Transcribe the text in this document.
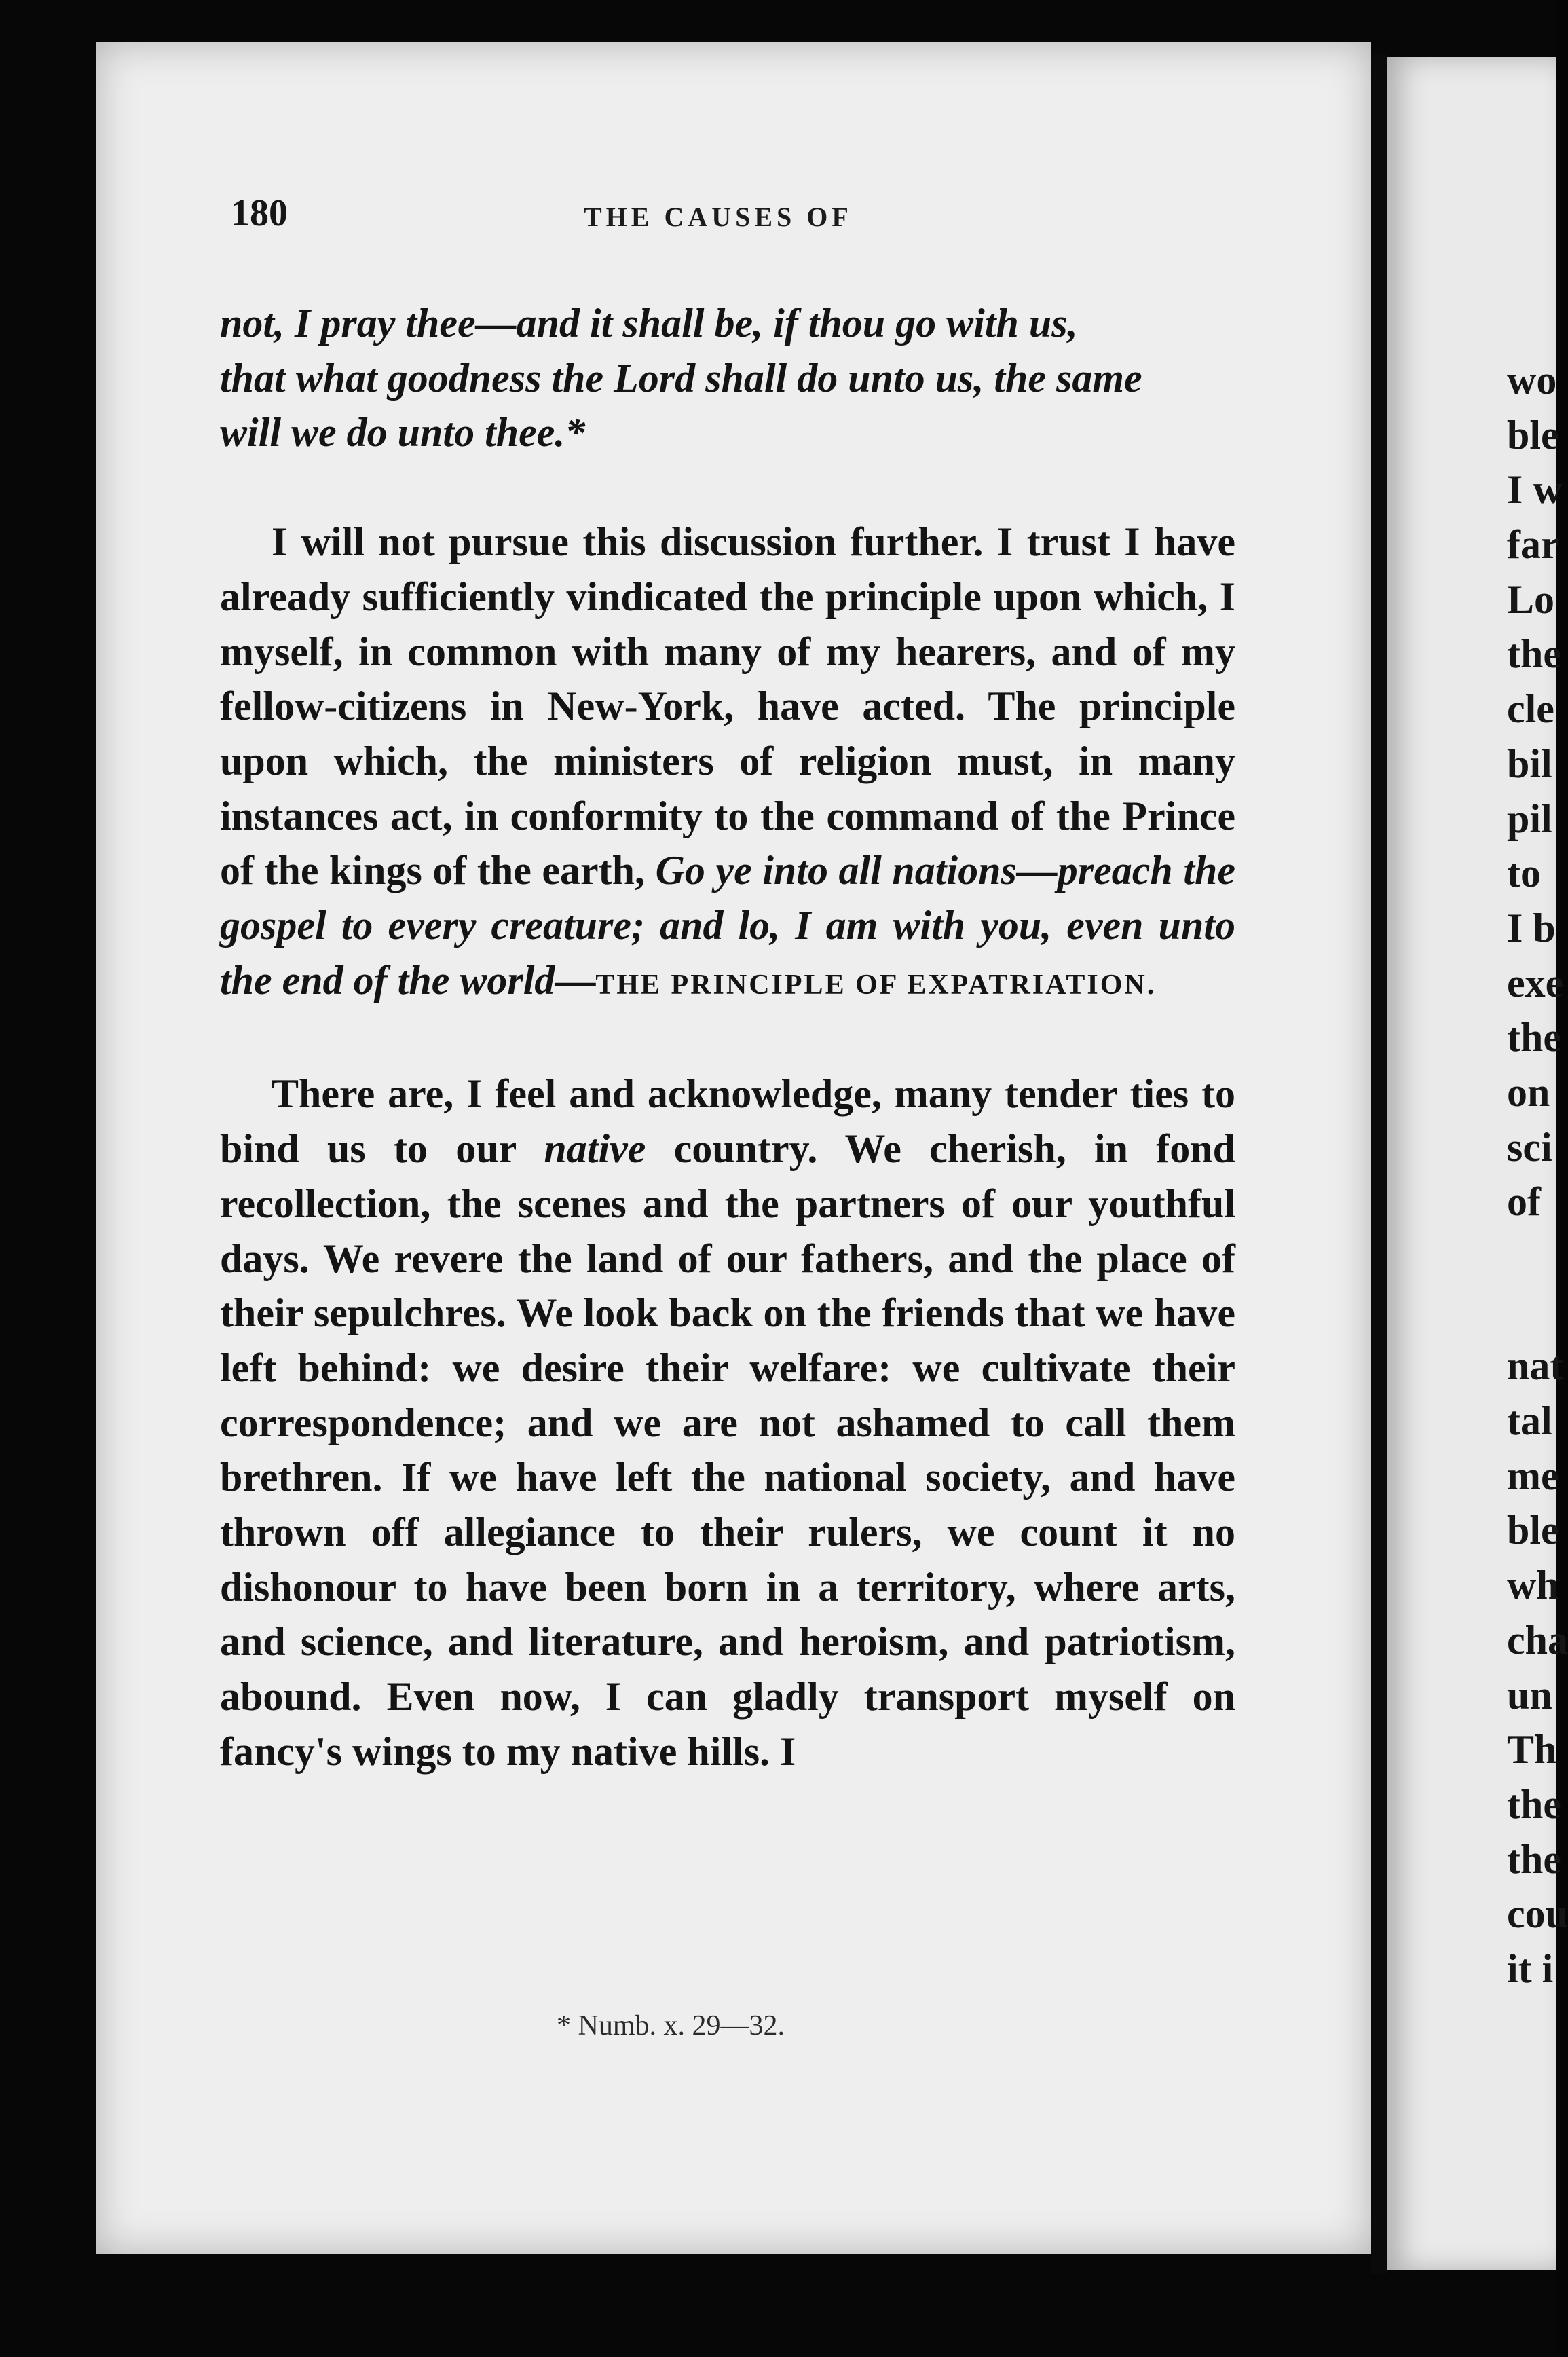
180	THE CAUSES OF

not, I pray thee—and it shall be, if thou go with us,
that what goodness the Lord shall do unto us, the same
will we do unto thee.*

I will not pursue this discussion further. I trust I have already sufficiently vindicated the principle upon which, I myself, in common with many of my hearers, and of my fellow-citizens in New-York, have acted. The principle upon which, the ministers of religion must, in many instances act, in conformity to the command of the Prince of the kings of the earth, Go ye into all nations—preach the gospel to every creature; and lo, I am with you, even unto the end of the world—THE PRINCIPLE OF EXPATRIATION.

There are, I feel and acknowledge, many tender ties to bind us to our native country. We cherish, in fond recollection, the scenes and the partners of our youthful days. We revere the land of our fathers, and the place of their sepulchres. We look back on the friends that we have left behind: we desire their welfare: we cultivate their correspondence; and we are not ashamed to call them brethren. If we have left the national society, and have thrown off allegiance to their rulers, we count it no dishonour to have been born in a territory, where arts, and science, and literature, and heroism, and patriotism, abound. Even now, I can gladly transport myself on fancy's wings to my native hills. I

* Numb. x. 29—32.
wo
ble
I w
far
Lo
the
cle
bil
pil
to
I b
exe
the
on
sci
of
nat
tal
me
ble
wh
cha
un
Th
the
the
cou
it i
